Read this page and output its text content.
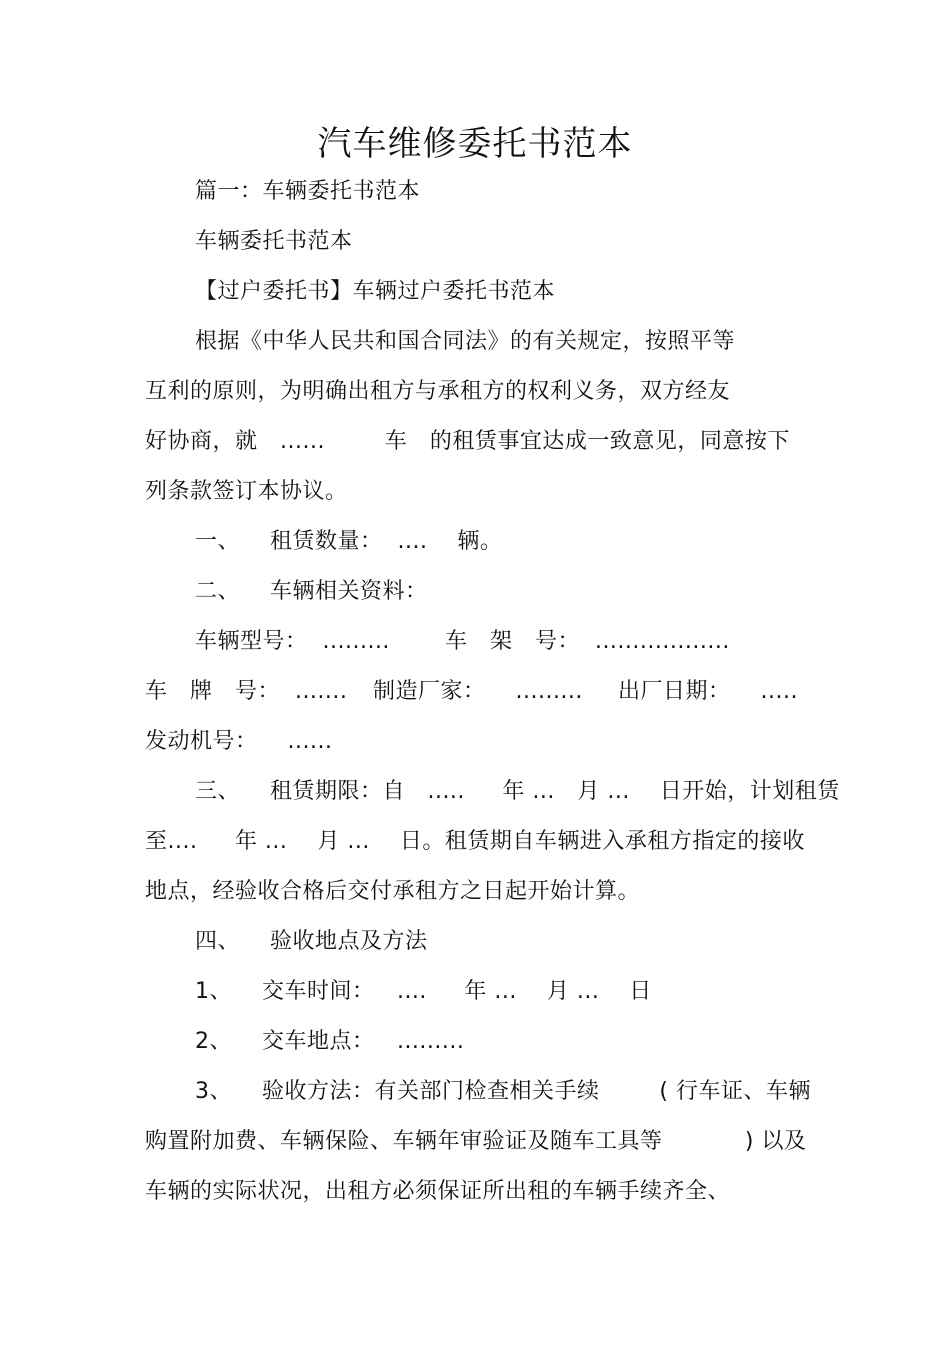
汽车维修委托书范本
篇一：车辆委托书范本
车辆委托书范本
【过户委托书】车辆过户委托书范本
根据《中华人民共和国合同法》的有关规定，按照平等
互利的原则，为明确出租方与承租方的权利义务，双方经友
好协商，就   ......        车   的租赁事宜达成一致意见，同意按下
列条款签订本协议。
一、    租赁数量：  ....    辆。
二、    车辆相关资料：
车辆型号：  .........	车   架   号：  ..................
车   牌   号：  ....... 制造厂家：    ......... 出厂日期：    .....
发动机号：    ......
三、    租赁期限：自   .....     年 ...   月 ...    日开始，计划租赁
至....     年 ...    月 ...    日。租赁期自车辆进入承租方指定的接收
地点，经验收合格后交付承租方之日起开始计算。
四、    验收地点及方法
1、    交车时间：   ....     年 ...    月 ...    日
2、    交车地点：   .........
3、    验收方法：有关部门检查相关手续        ( 行车证、车辆
购置附加费、车辆保险、车辆年审验证及随车工具等           ) 以及
车辆的实际状况，出租方必须保证所出租的车辆手续齐全、
